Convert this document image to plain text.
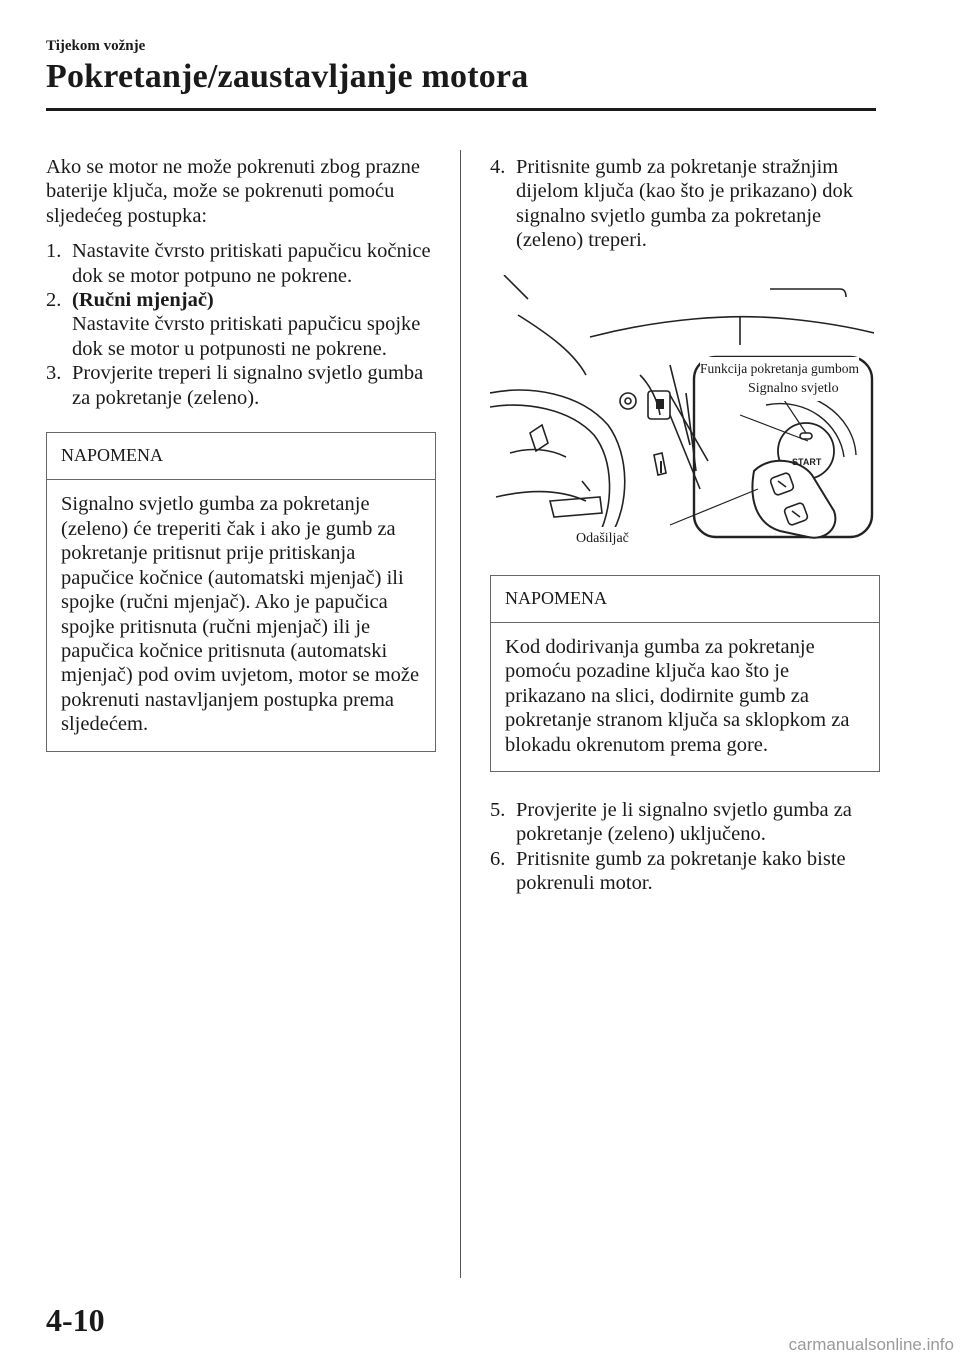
Tijekom vožnje
Pokretanje/zaustavljanje motora

Ako se motor ne može pokrenuti zbog prazne baterije ključa, može se pokrenuti pomoću sljedećeg postupka:

1. Nastavite čvrsto pritiskati papučicu kočnice dok se motor potpuno ne pokrene.
2. (Ručni mjenjač)
Nastavite čvrsto pritiskati papučicu spojke dok se motor u potpunosti ne pokrene.
3. Provjerite treperi li signalno svjetlo gumba za pokretanje (zeleno).
NAPOMENA
Signalno svjetlo gumba za pokretanje (zeleno) će treperiti čak i ako je gumb za pokretanje pritisnut prije pritiskanja papučice kočnice (automatski mjenjač) ili spojke (ručni mjenjač). Ako je papučica spojke pritisnuta (ručni mjenjač) ili je papučica kočnice pritisnuta (automatski mjenjač) pod ovim uvjetom, motor se može pokrenuti nastavljanjem postupka prema sljedećem.
4. Pritisnite gumb za pokretanje stražnjim dijelom ključa (kao što je prikazano) dok signalno svjetlo gumba za pokretanje (zeleno) treperi.
START
Funkcija pokretanja gumbom
Signalno svjetlo
Odašiljač
NAPOMENA
Kod dodirivanja gumba za pokretanje pomoću pozadine ključa kao što je prikazano na slici, dodirnite gumb za pokretanje stranom ključa sa sklopkom za blokadu okrenutom prema gore.
5. Provjerite je li signalno svjetlo gumba za pokretanje (zeleno) uključeno.
6. Pritisnite gumb za pokretanje kako biste pokrenuli motor.
4-10
carmanualsonline.info
